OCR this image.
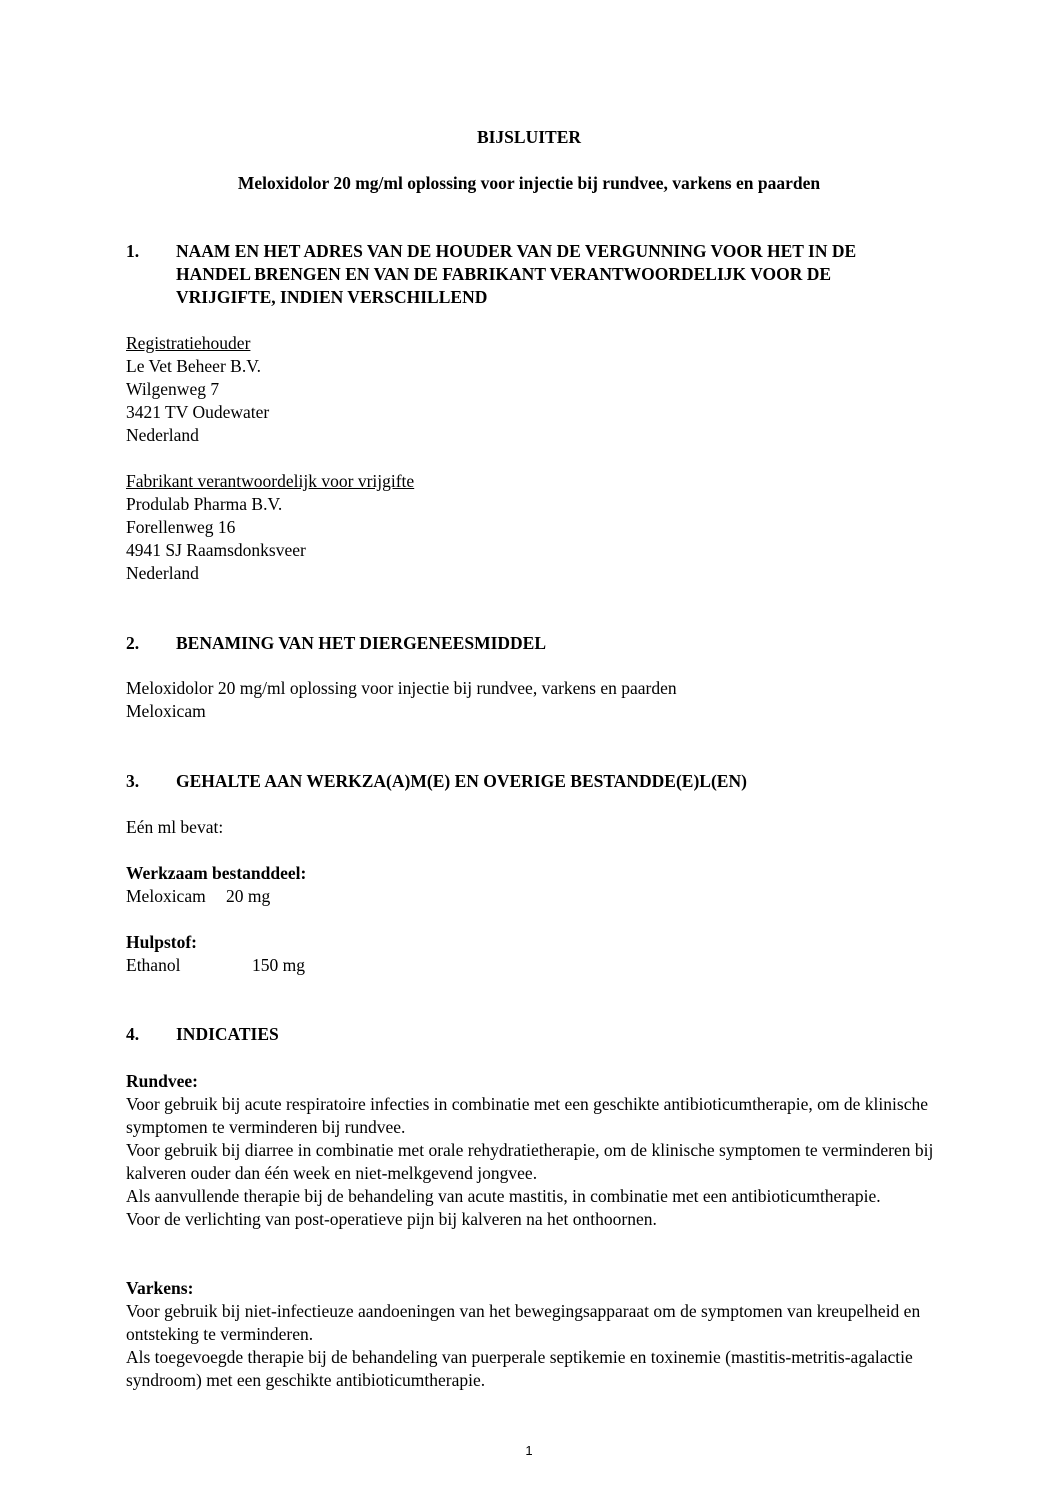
BIJSLUITER
Meloxidolor 20 mg/ml oplossing voor injectie bij rundvee, varkens en paarden
1.	NAAM EN HET ADRES VAN DE HOUDER VAN DE VERGUNNING VOOR HET IN DE HANDEL BRENGEN EN VAN DE FABRIKANT VERANTWOORDELIJK VOOR DE VRIJGIFTE, INDIEN VERSCHILLEND
Registratiehouder
Le Vet Beheer B.V.
Wilgenweg 7
3421 TV Oudewater
Nederland
Fabrikant verantwoordelijk voor vrijgifte
Produlab Pharma B.V.
Forellenweg 16
4941 SJ Raamsdonksveer
Nederland
2.	BENAMING VAN HET DIERGENEESMIDDEL
Meloxidolor 20 mg/ml oplossing voor injectie bij rundvee, varkens en paarden
Meloxicam
3.	GEHALTE AAN WERKZA(A)M(E) EN OVERIGE BESTANDDE(E)L(EN)
Eén ml bevat:
Werkzaam bestanddeel:
Meloxicam 20 mg
Hulpstof:
Ethanol	150 mg
4.	INDICATIES
Rundvee:

Voor gebruik bij acute respiratoire infecties in combinatie met een geschikte antibioticumtherapie, om de klinische symptomen te verminderen bij rundvee.

Voor gebruik bij diarree in combinatie met orale rehydratietherapie, om de klinische symptomen te verminderen bij kalveren ouder dan één week en niet-melkgevend jongvee.

Als aanvullende therapie bij de behandeling van acute mastitis, in combinatie met een antibioticumtherapie.

Voor de verlichting van post-operatieve pijn bij kalveren na het onthoornen.

Varkens:

Voor gebruik bij niet-infectieuze aandoeningen van het bewegingsapparaat om de symptomen van kreupelheid en ontsteking te verminderen.

Als toegevoegde therapie bij de behandeling van puerperale septikemie en toxinemie (mastitis-metritis-agalactie syndroom) met een geschikte antibioticumtherapie.

1
